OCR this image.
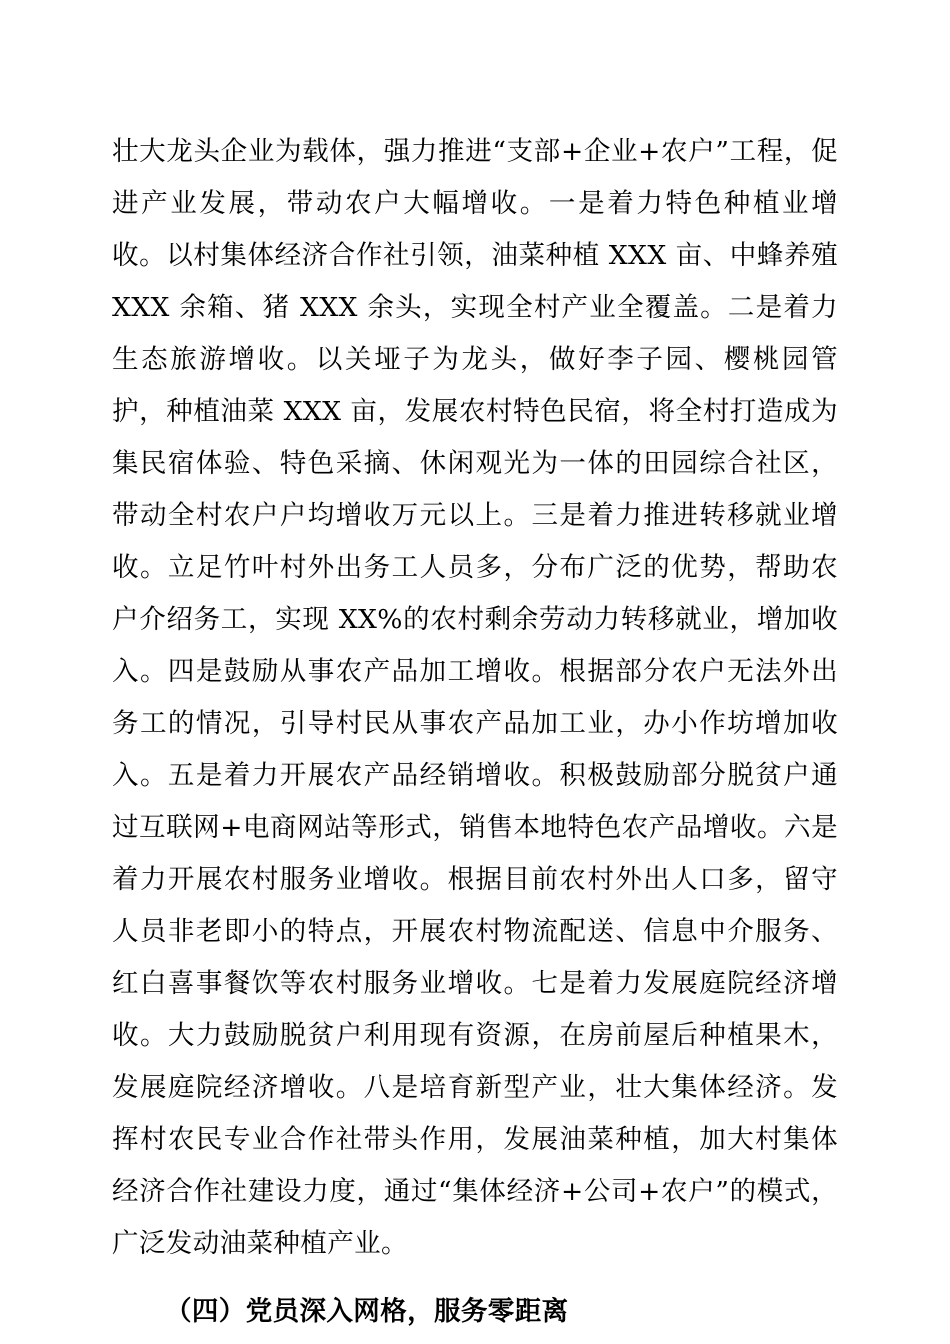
壮大龙头企业为载体，强力推进“支部+企业+农户”工程，促进产业发展，带动农户大幅增收。一是着力特色种植业增收。以村集体经济合作社引领，油菜种植 XXX 亩、中蜂养殖 XXX 余箱、猪 XXX 余头，实现全村产业全覆盖。二是着力生态旅游增收。以关垭子为龙头，做好李子园、樱桃园管护，种植油菜 XXX 亩，发展农村特色民宿，将全村打造成为集民宿体验、特色采摘、休闲观光为一体的田园综合社区，带动全村农户户均增收万元以上。三是着力推进转移就业增收。立足竹叶村外出务工人员多，分布广泛的优势，帮助农户介绍务工，实现 XX%的农村剩余劳动力转移就业，增加收入。四是鼓励从事农产品加工增收。根据部分农户无法外出务工的情况，引导村民从事农产品加工业，办小作坊增加收入。五是着力开展农产品经销增收。积极鼓励部分脱贫户通过互联网+电商网站等形式，销售本地特色农产品增收。六是着力开展农村服务业增收。根据目前农村外出人口多，留守人员非老即小的特点，开展农村物流配送、信息中介服务、红白喜事餐饮等农村服务业增收。七是着力发展庭院经济增收。大力鼓励脱贫户利用现有资源，在房前屋后种植果木，发展庭院经济增收。八是培育新型产业，壮大集体经济。发挥村农民专业合作社带头作用，发展油菜种植，加大村集体经济合作社建设力度，通过“集体经济+公司+农户”的模式，广泛发动油菜种植产业。

（四）党员深入网格，服务零距离
